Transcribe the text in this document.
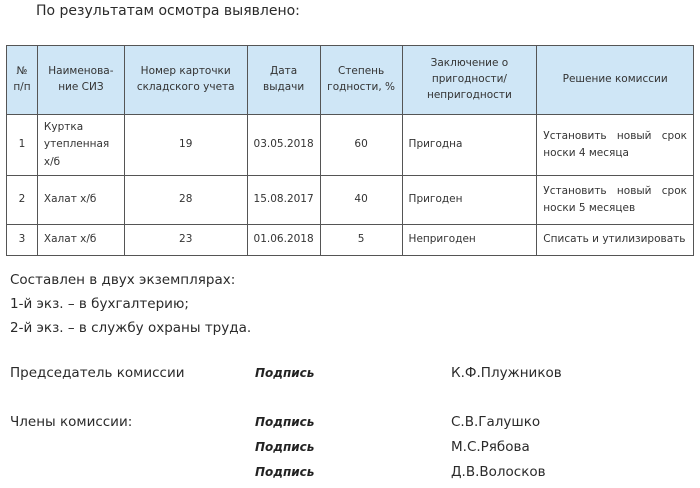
По результатам осмотра выявлено:
№ п/п	Наименова-ние СИЗ	Номер карточки складского учета	Дата выдачи	Степень годности, %	Заключение о пригодности/ непригодности	Решение комиссии
1	Куртка утепленная х/б	19	03.05.2018	60	Пригодна	Установить новый срок носки 4 месяца
2	Халат х/б	28	15.08.2017	40	Пригоден	Установить новый срок носки 5 месяцев
3	Халат х/б	23	01.06.2018	5	Непригоден	Списать и утилизировать
Составлен в двух экземплярах:
1-й экз. – в бухгалтерию;
2-й экз. – в службу охраны труда.
Председатель комиссии	Подпись	К.Ф.Плужников
Члены комиссии:	Подпись	С.В.Галушко
Подпись	М.С.Рябова
Подпись	Д.В.Волосков
